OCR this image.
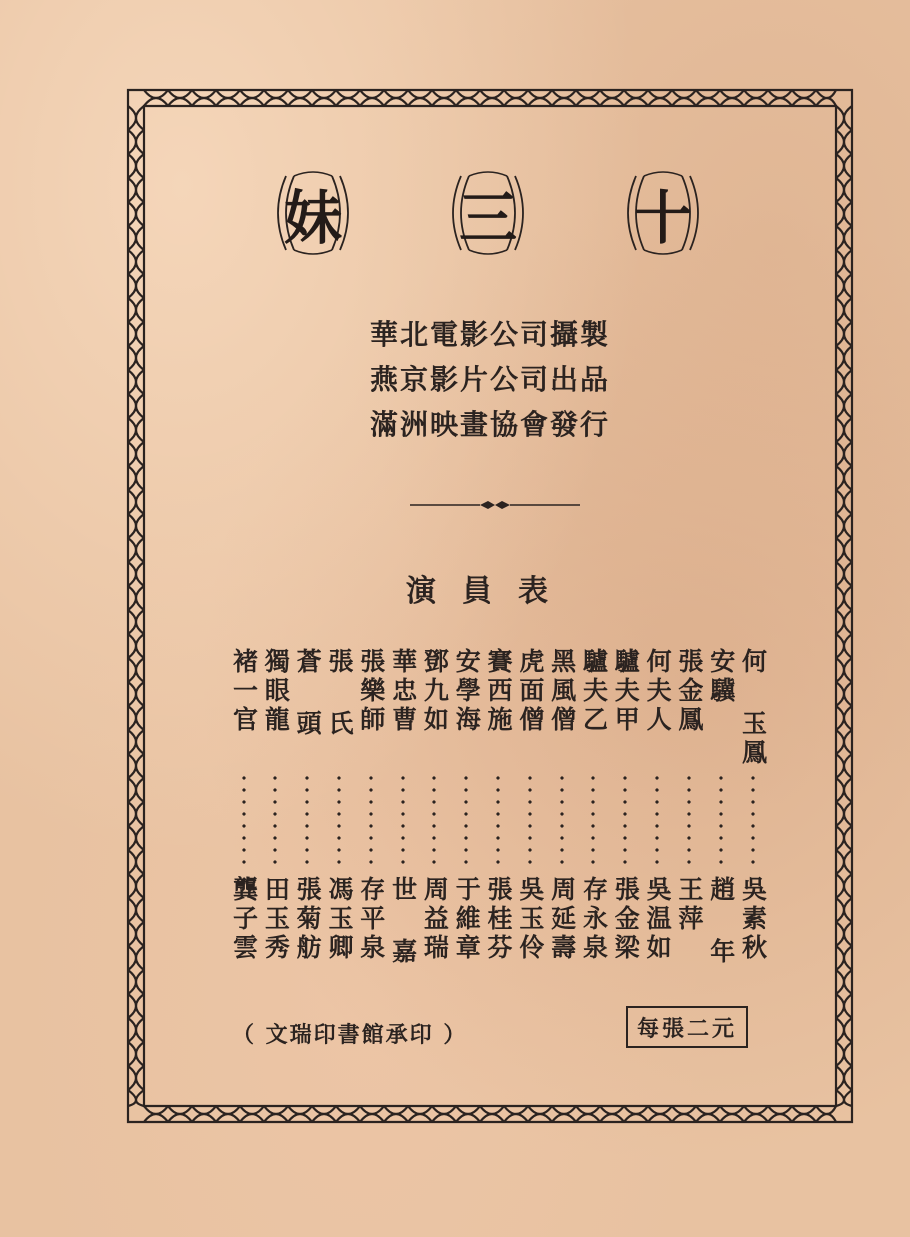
妹 三 十
華北電影公司攝製
燕京影片公司出品
滿洲映畫協會發行
演員表
何 玉鳳
吳素秋
安驥
趙 年
張金鳳
王萍
何夫人
吳温如
驢夫甲
張金梁
驢夫乙
存永泉
黑風僧
周延壽
虎面僧
吳玉伶
賽西施
張桂芬
安學海
于維章
鄧九如
周益瑞
華忠曹
世 嘉
張樂師
存平泉
張 氏
馮玉卿
蒼 頭
張菊舫
獨眼龍
田玉秀
褚一官
龔子雲
（ 文瑞印書館承印 ）	每張二元
